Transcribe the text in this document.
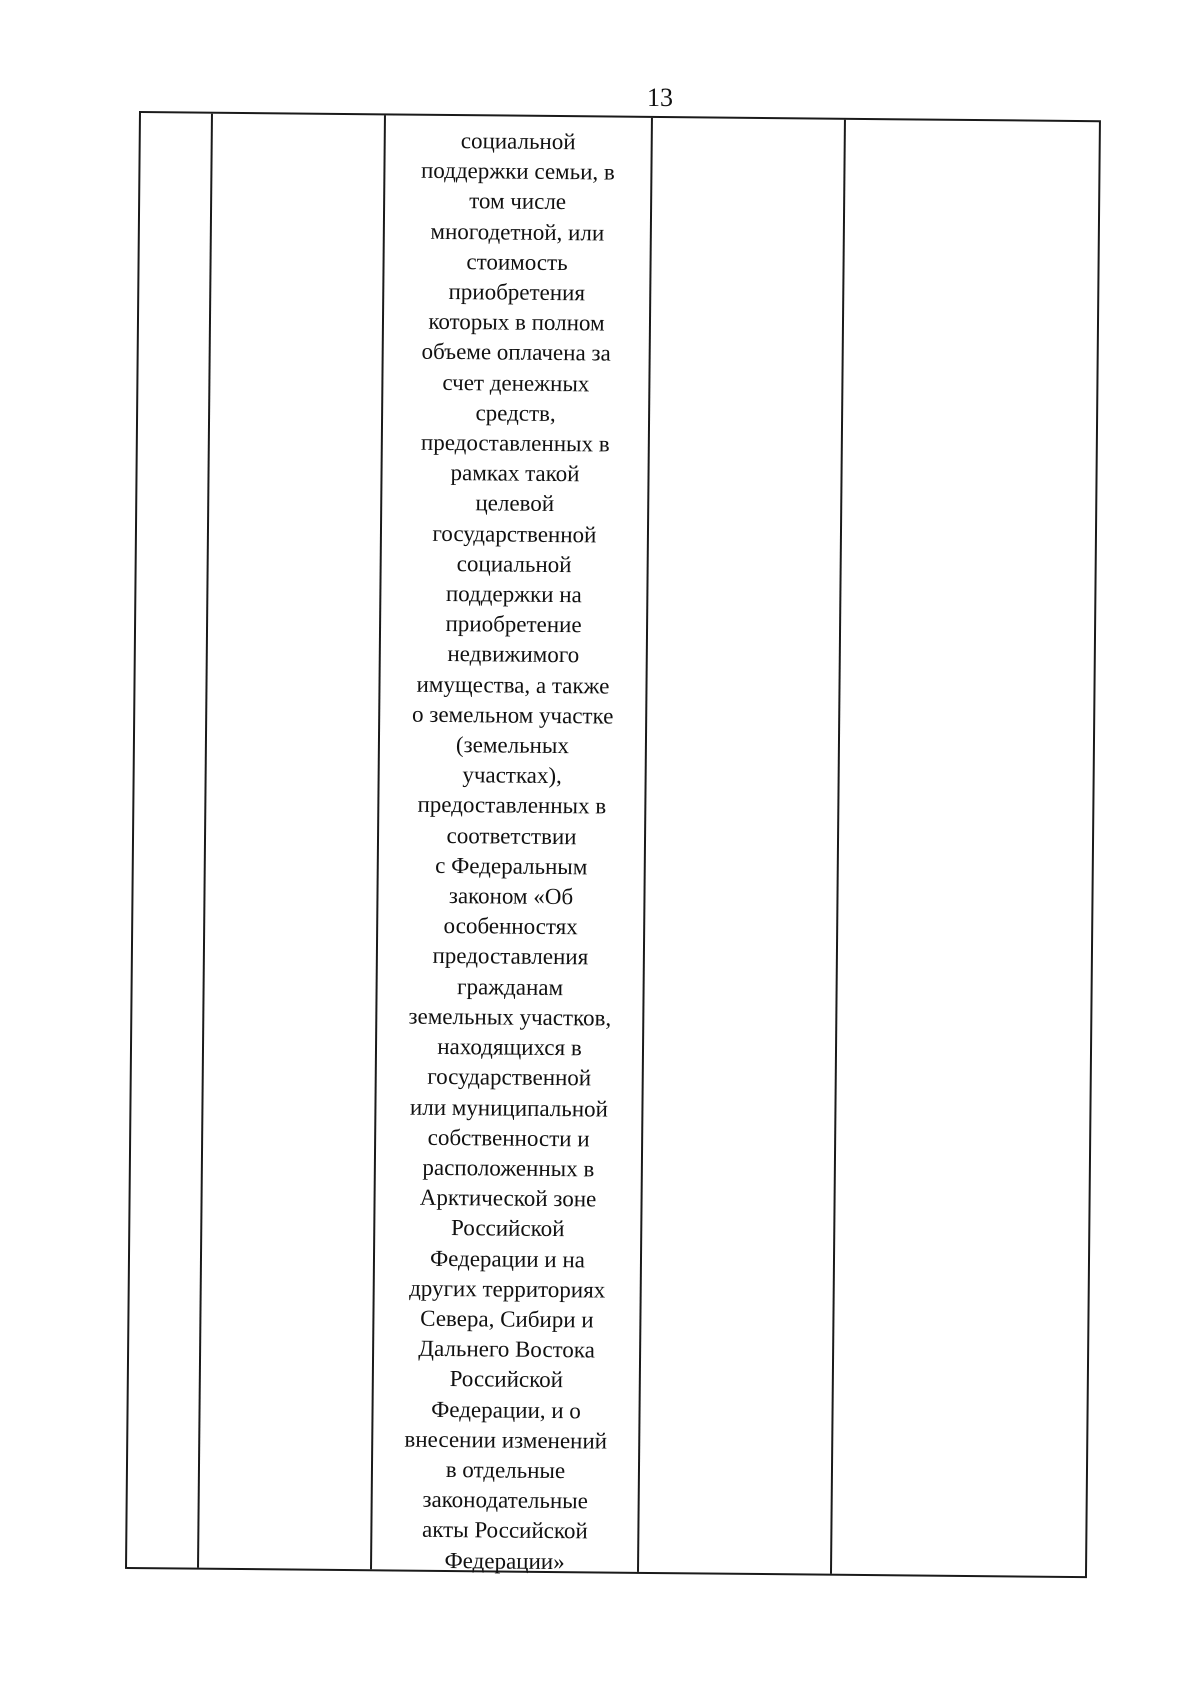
13

социальной
поддержки семьи, в
том числе
многодетной, или
стоимость
приобретения
которых в полном
объеме оплачена за
счет денежных
средств,
предоставленных в
рамках такой
целевой
государственной
социальной
поддержки на
приобретение
недвижимого
имущества, а также
о земельном участке
(земельных
участках),
предоставленных в
соответствии
с Федеральным
законом «Об
особенностях
предоставления
гражданам
земельных участков,
находящихся в
государственной
или муниципальной
собственности и
расположенных в
Арктической зоне
Российской
Федерации и на
других территориях
Севера, Сибири и
Дальнего Востока
Российской
Федерации, и о
внесении изменений
в отдельные
законодательные
акты Российской
Федерации»
